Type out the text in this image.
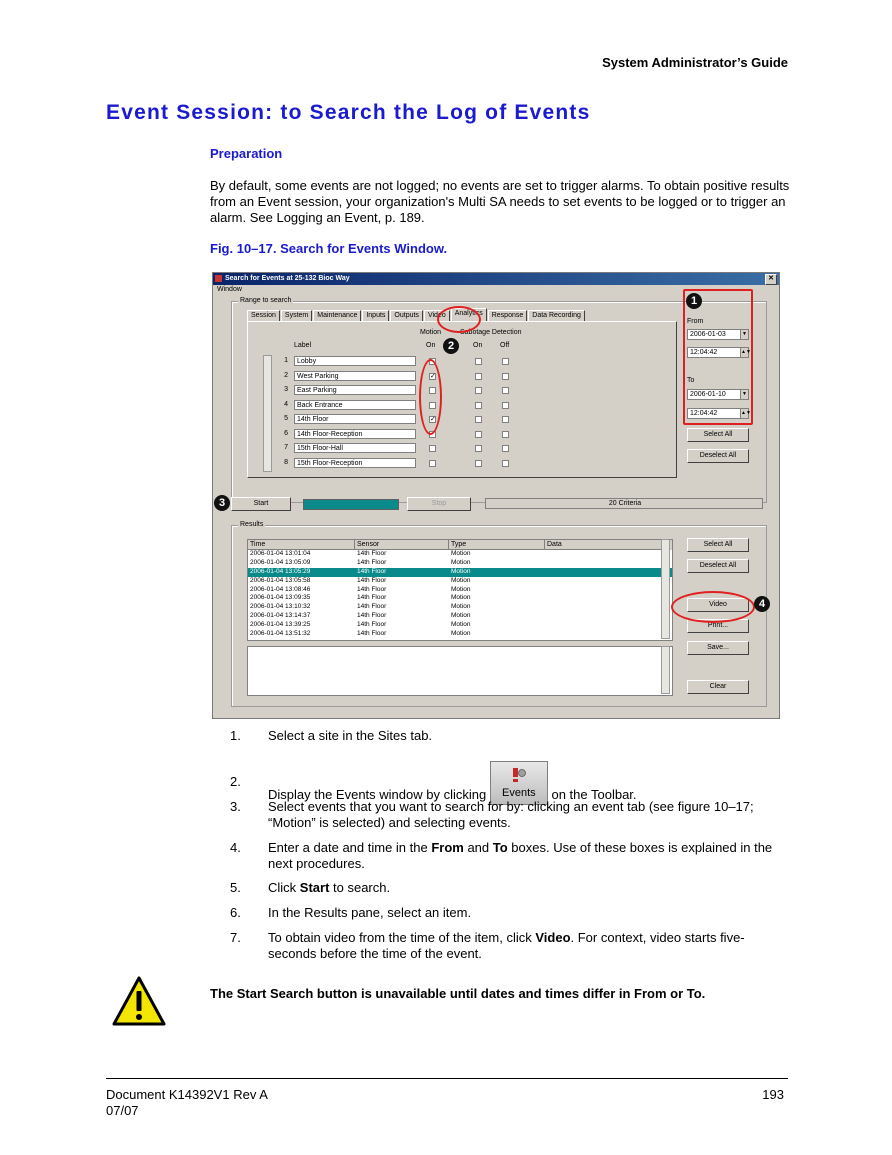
System Administrator’s Guide
Event Session: to Search the Log of Events
Preparation
By default, some events are not logged; no events are set to trigger alarms. To obtain positive results from an Event session, your organization's Multi SA needs to set events to be logged or to trigger an alarm. See Logging an Event, p. 189.
Fig. 10–17. Search for Events Window.
Search for Events at 25-132 Bioc Way	✕
Window
Range to search
Session	System	Maintenance	Inputs	Outputs	Video	Analytics	Response	Data Recording
Motion	Sabotage Detection
Label	On	On	Off
1	Lobby
2	West Parking	✓
3	East Parking
4	Back Entrance
5	14th Floor	✓
6	14th Floor-Reception
7	15th Floor-Hall
8	15th Floor-Reception
From
2006-01-03	▼
12:04:42	▲▼
To
2006-01-10	▼
12:04:42	▲▼
Select All
Deselect All
Start	Stop	20 Criteria
Results
Time	Sensor	Type	Data
2006-01-04 13:01:04	14th Floor	Motion
2006-01-04 13:05:09	14th Floor	Motion
2006-01-04 13:05:29	14th Floor	Motion
2006-01-04 13:05:58	14th Floor	Motion
2006-01-04 13:08:46	14th Floor	Motion
2006-01-04 13:09:35	14th Floor	Motion
2006-01-04 13:10:32	14th Floor	Motion
2006-01-04 13:14:37	14th Floor	Motion
2006-01-04 13:39:25	14th Floor	Motion
2006-01-04 13:51:32	14th Floor	Motion
Select All
Deselect All
Video
Print...
Save...
Clear
1
2
3
4
1. Select a site in the Sites tab.
2.
Display the Events window by clicking	Events	on the Toolbar.
3. Select events that you want to search for by: clicking an event tab (see figure 10–17; “Motion” is selected) and selecting events.
4. Enter a date and time in the From and To boxes. Use of these boxes is explained in the next procedures.
5. Click Start to search.
6. In the Results pane, select an item.
7. To obtain video from the time of the item, click Video. For context, video starts five-seconds before the time of the event.
The Start Search button is unavailable until dates and times differ in From or To.
Document K14392V1 Rev A
07/07
193
